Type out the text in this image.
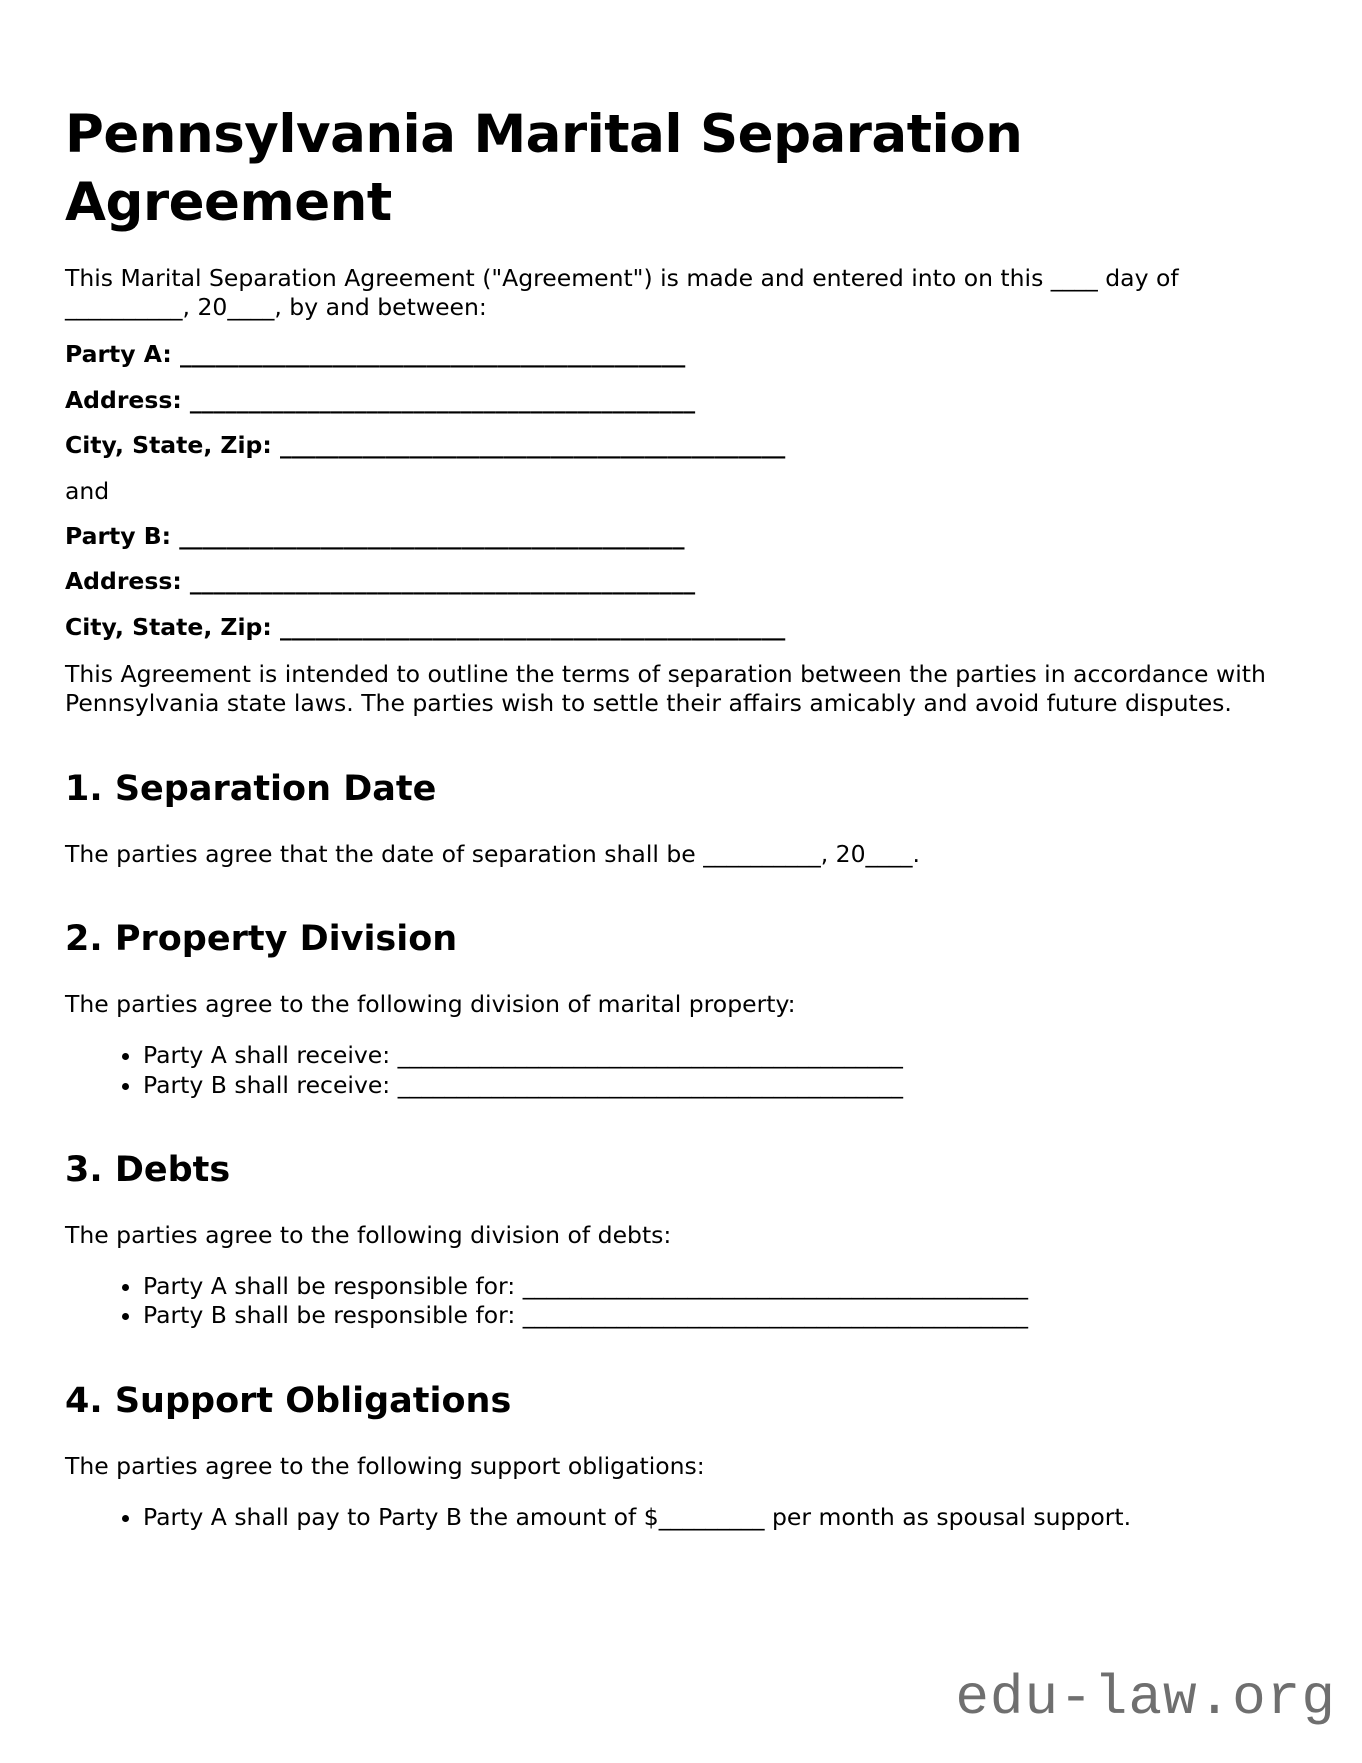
Pennsylvania Marital Separation Agreement

This Marital Separation Agreement ("Agreement") is made and entered into on this ____ day of __________, 20____, by and between:

Party A: ___________________________________________

Address: ___________________________________________

City, State, Zip: ___________________________________________

and

Party B: ___________________________________________

Address: ___________________________________________

City, State, Zip: ___________________________________________

This Agreement is intended to outline the terms of separation between the parties in accordance with Pennsylvania state laws. The parties wish to settle their affairs amicably and avoid future disputes.

1. Separation Date

The parties agree that the date of separation shall be __________, 20____.

2. Property Division

The parties agree to the following division of marital property:

• Party A shall receive: ___________________________________________
• Party B shall receive: ___________________________________________
3. Debts

The parties agree to the following division of debts:

• Party A shall be responsible for: ___________________________________________
• Party B shall be responsible for: ___________________________________________
4. Support Obligations

The parties agree to the following support obligations:

• Party A shall pay to Party B the amount of $_________ per month as spousal support.
edu-law.org
